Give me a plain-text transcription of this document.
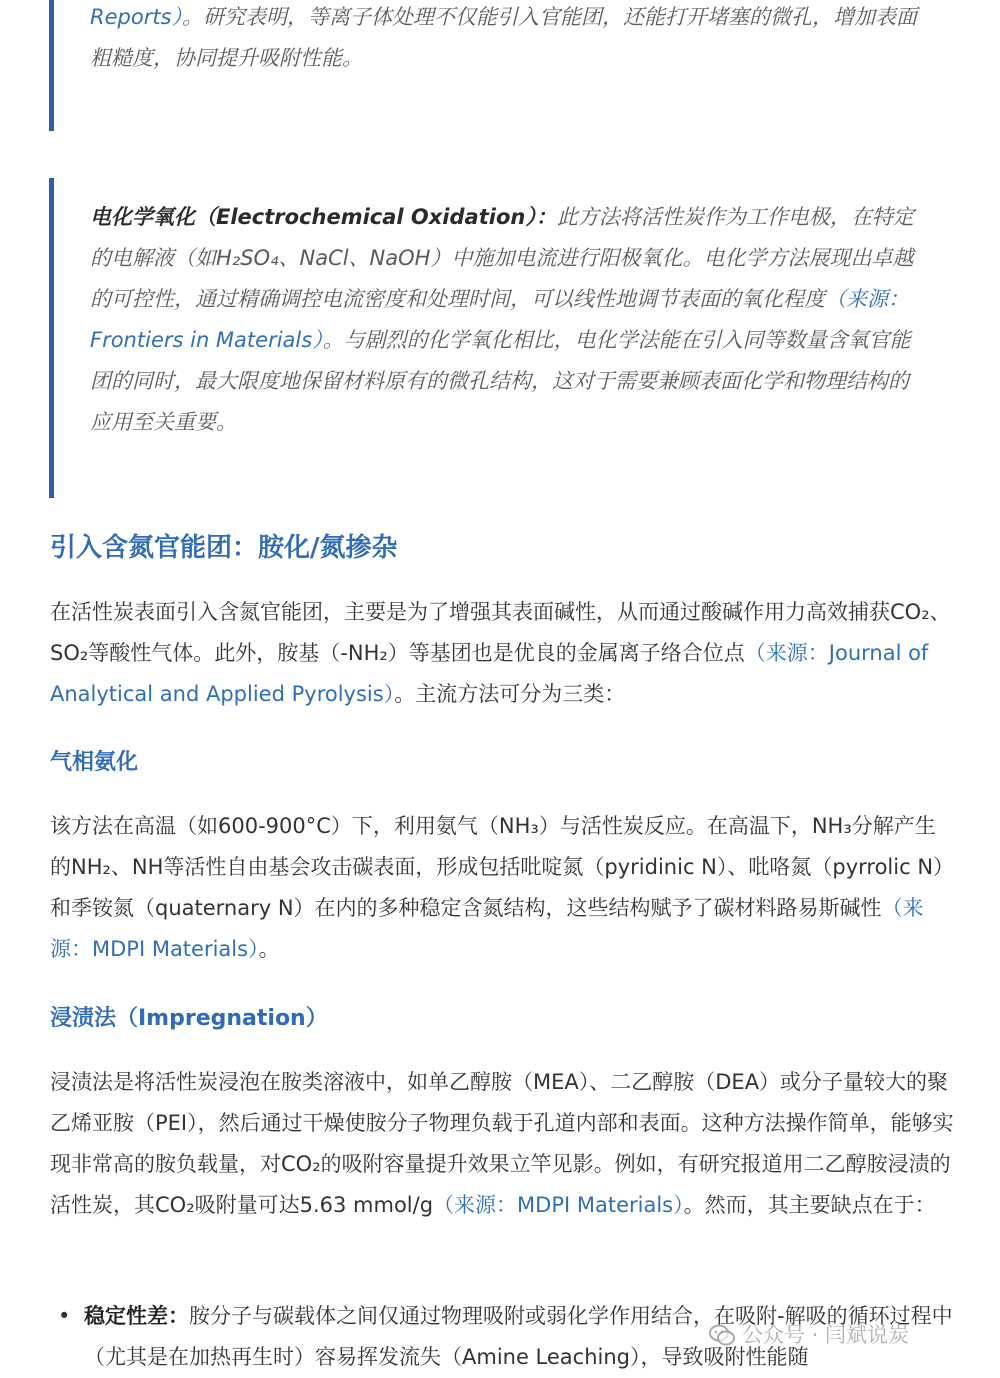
Reports）。研究表明，等离子体处理不仅能引入官能团，还能打开堵塞的微孔，增加表面粗糙度，协同提升吸附性能。
电化学氧化（Electrochemical Oxidation）：此方法将活性炭作为工作电极，在特定的电解液（如H₂SO₄、NaCl、NaOH）中施加电流进行阳极氧化。电化学方法展现出卓越的可控性，通过精确调控电流密度和处理时间，可以线性地调节表面的氧化程度（来源：Frontiers in Materials）。与剧烈的化学氧化相比，电化学法能在引入同等数量含氧官能团的同时，最大限度地保留材料原有的微孔结构，这对于需要兼顾表面化学和物理结构的应用至关重要。
引入含氮官能团：胺化/氮掺杂
在活性炭表面引入含氮官能团，主要是为了增强其表面碱性，从而通过酸碱作用力高效捕获CO₂、SO₂等酸性气体。此外，胺基（-NH₂）等基团也是优良的金属离子络合位点（来源：Journal of Analytical and Applied Pyrolysis）。主流方法可分为三类：
气相氨化
该方法在高温（如600-900°C）下，利用氨气（NH₃）与活性炭反应。在高温下，NH₃分解产生的NH₂、NH等活性自由基会攻击碳表面，形成包括吡啶氮（pyridinic N）、吡咯氮（pyrrolic N）和季铵氮（quaternary N）在内的多种稳定含氮结构，这些结构赋予了碳材料路易斯碱性（来源：MDPI Materials）。
浸渍法（Impregnation）
浸渍法是将活性炭浸泡在胺类溶液中，如单乙醇胺（MEA）、二乙醇胺（DEA）或分子量较大的聚乙烯亚胺（PEI），然后通过干燥使胺分子物理负载于孔道内部和表面。这种方法操作简单，能够实现非常高的胺负载量，对CO₂的吸附容量提升效果立竿见影。例如，有研究报道用二乙醇胺浸渍的活性炭，其CO₂吸附量可达5.63 mmol/g（来源：MDPI Materials）。然而，其主要缺点在于：
• 稳定性差：胺分子与碳载体之间仅通过物理吸附或弱化学作用结合，在吸附-解吸的循环过程中（尤其是在加热再生时）容易挥发流失（Amine Leaching），导致吸附性能随
公众号 · 闫斌说炭
